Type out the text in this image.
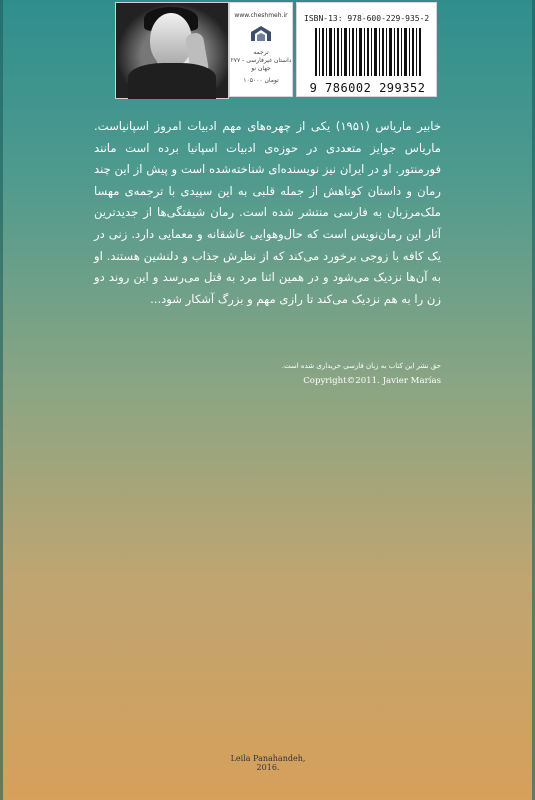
www.cheshmeh.ir
ترجمه
داستان غیرفارسی - ۲۷۷
جهان نو
۱۰۵۰۰۰ تومان
ISBN-13: 978-600-229-935-2
9 786002 299352

خابیر ماریاس (۱۹۵۱) یکی از چهره‌های مهم ادبیات امروز اسپانیاست. ماریاس جوایز متعددی در حوزه‌ی ادبیات اسپانیا برده است مانند فورمنتور. او در ایران نیز نویسنده‌ای شناخته‌شده است و پیش از این چند رمان و داستان کوتاهش از جمله قلبی به این سپیدی با ترجمه‌ی مهسا ملک‌مرزبان به فارسی منتشر شده است. رمان شیفتگی‌ها از جدیدترین آثار این رمان‌نویس است که حال‌وهوایی عاشقانه و معمایی دارد. زنی در یک کافه با زوجی برخورد می‌کند که از نظرش جذاب و دلنشین هستند. او به آن‌ها نزدیک می‌شود و در همین اثنا مرد به قتل می‌رسد و این روند دو زن را به هم نزدیک می‌کند تا رازی مهم و بزرگ آشکار شود...

حق نشر این کتاب به زبان فارسی خریداری شده است.
Copyright©2011. Javier Marías
Leila Panahandeh, 2016.
